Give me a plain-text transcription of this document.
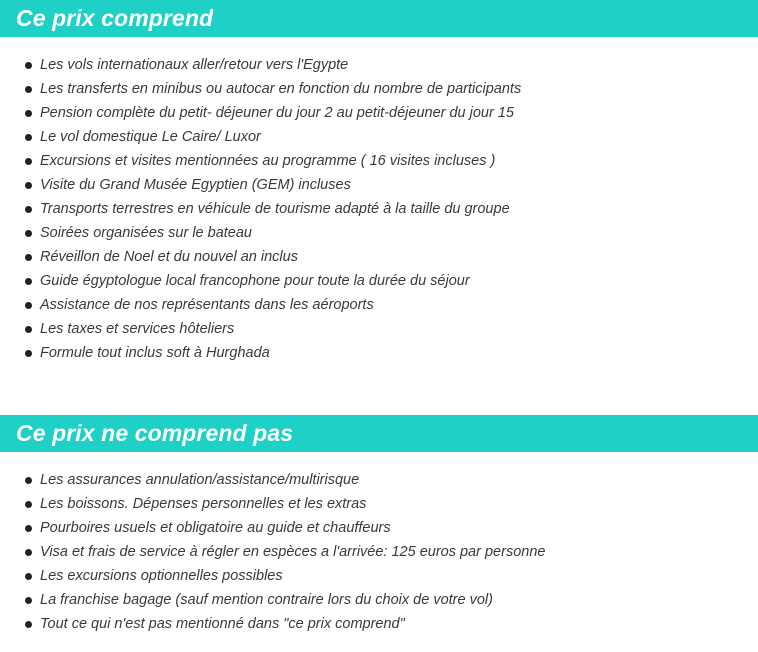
Ce prix comprend
Les vols internationaux aller/retour vers l'Egypte
Les transferts en minibus ou autocar en fonction du nombre de participants
Pension complète du petit- déjeuner du jour 2 au petit-déjeuner du jour 15
Le vol domestique Le Caire/ Luxor
Excursions et visites mentionnées au programme ( 16 visites incluses )
Visite du Grand Musée Egyptien (GEM) incluses
Transports terrestres en véhicule de tourisme adapté à la taille du groupe
Soirées organisées sur le bateau
Réveillon de Noel et du nouvel an inclus
Guide égyptologue local francophone pour toute la durée du séjour
Assistance de nos représentants dans les aéroports
Les taxes et services hôteliers
Formule tout inclus soft à Hurghada
Ce prix ne comprend pas
Les assurances annulation/assistance/multirisque
Les boissons. Dépenses personnelles et les extras
Pourboires usuels et obligatoire au guide et chauffeurs
Visa et frais de service à régler en espèces a l'arrivée: 125 euros par personne
Les excursions optionnelles possibles
La franchise bagage (sauf mention contraire lors du choix de votre vol)
Tout ce qui n'est pas mentionné dans "ce prix comprend"
